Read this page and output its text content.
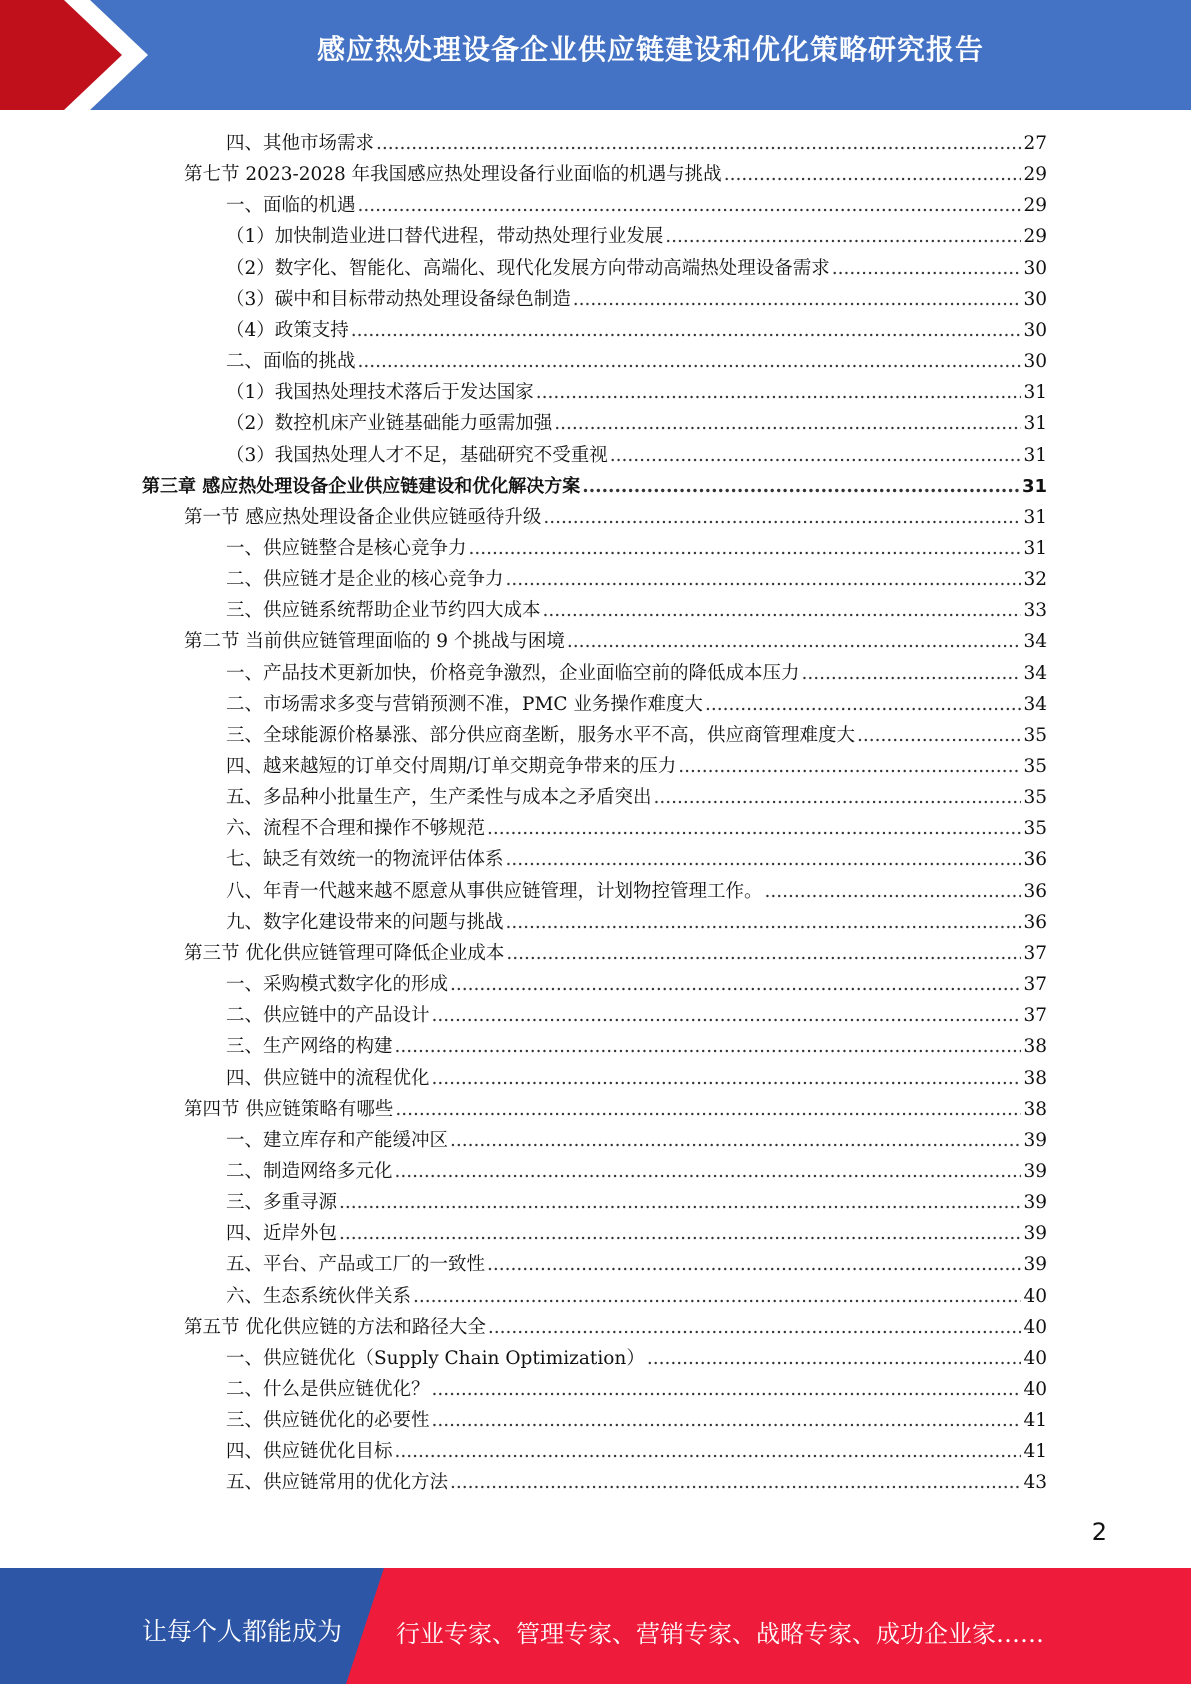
感应热处理设备企业供应链建设和优化策略研究报告
四、其他市场需求 .....	27
第七节 2023-2028 年我国感应热处理设备行业面临的机遇与挑战 .....	29
一、面临的机遇 .....	29
（1）加快制造业进口替代进程，带动热处理行业发展 .....	29
（2）数字化、智能化、高端化、现代化发展方向带动高端热处理设备需求 .....	30
（3）碳中和目标带动热处理设备绿色制造 .....	30
（4）政策支持 .....	30
二、面临的挑战 .....	30
（1）我国热处理技术落后于发达国家 .....	31
（2）数控机床产业链基础能力亟需加强 .....	31
（3）我国热处理人才不足，基础研究不受重视 .....	31
第三章 感应热处理设备企业供应链建设和优化解决方案 .....	31
第一节 感应热处理设备企业供应链亟待升级 .....	31
一、供应链整合是核心竞争力 .....	31
二、供应链才是企业的核心竞争力 .....	32
三、供应链系统帮助企业节约四大成本 .....	33
第二节 当前供应链管理面临的 9 个挑战与困境 .....	34
一、产品技术更新加快，价格竞争激烈，企业面临空前的降低成本压力 .....	34
二、市场需求多变与营销预测不准，PMC 业务操作难度大 .....	34
三、全球能源价格暴涨、部分供应商垄断，服务水平不高，供应商管理难度大 .....	35
四、越来越短的订单交付周期/订单交期竞争带来的压力 .....	35
五、多品种小批量生产，生产柔性与成本之矛盾突出 .....	35
六、流程不合理和操作不够规范 .....	35
七、缺乏有效统一的物流评估体系 .....	36
八、年青一代越来越不愿意从事供应链管理，计划物控管理工作。 .....	36
九、数字化建设带来的问题与挑战 .....	36
第三节 优化供应链管理可降低企业成本 .....	37
一、采购模式数字化的形成 .....	37
二、供应链中的产品设计 .....	37
三、生产网络的构建 .....	38
四、供应链中的流程优化 .....	38
第四节 供应链策略有哪些 .....	38
一、建立库存和产能缓冲区 .....	39
二、制造网络多元化 .....	39
三、多重寻源 .....	39
四、近岸外包 .....	39
五、平台、产品或工厂的一致性 .....	39
六、生态系统伙伴关系 .....	40
第五节 优化供应链的方法和路径大全 .....	40
一、供应链优化（Supply Chain Optimization） .....	40
二、什么是供应链优化？ .....	40
三、供应链优化的必要性 .....	41
四、供应链优化目标 .....	41
五、供应链常用的优化方法 .....	43
2
让每个人都能成为 行业专家、管理专家、营销专家、战略专家、成功企业家……
